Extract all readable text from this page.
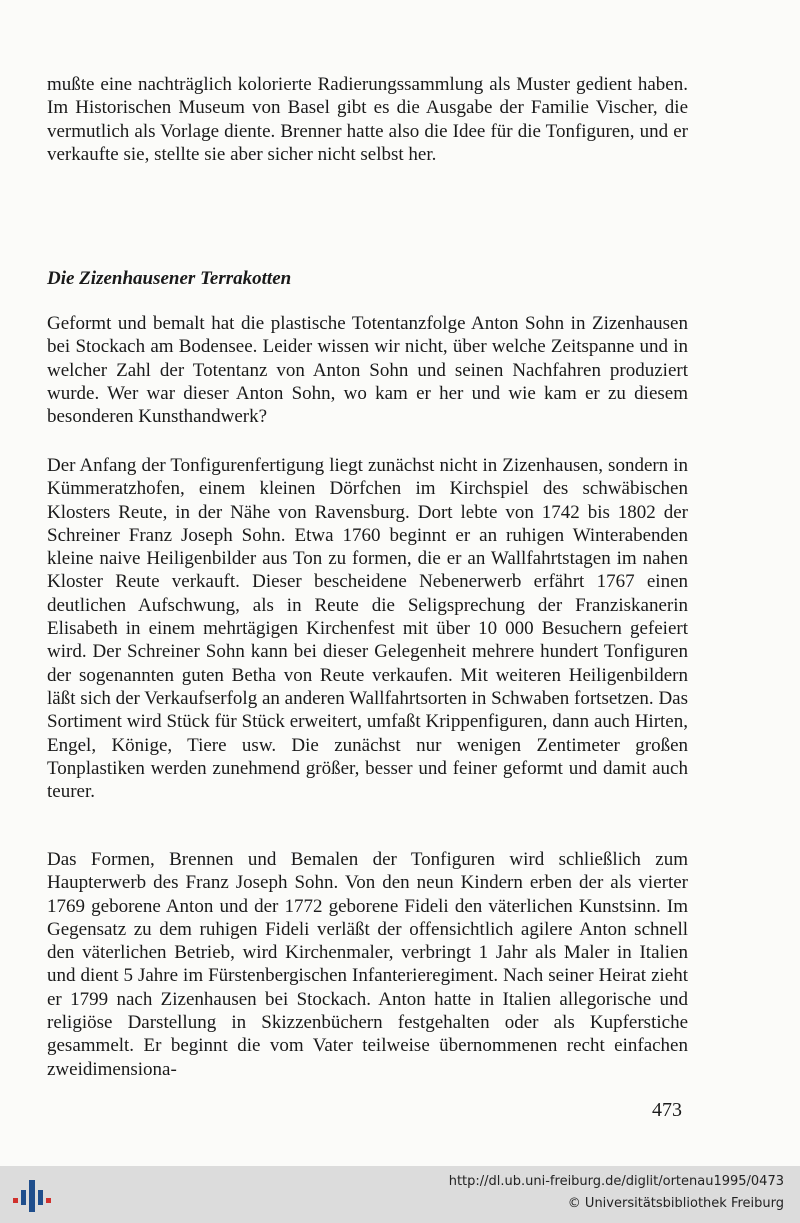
mußte eine nachträglich kolorierte Radierungssammlung als Muster gedient haben. Im Historischen Museum von Basel gibt es die Ausgabe der Familie Vischer, die vermutlich als Vorlage diente. Brenner hatte also die Idee für die Tonfiguren, und er verkaufte sie, stellte sie aber sicher nicht selbst her.

Die Zizenhausener Terrakotten

Geformt und bemalt hat die plastische Totentanzfolge Anton Sohn in Zizenhausen bei Stockach am Bodensee. Leider wissen wir nicht, über welche Zeitspanne und in welcher Zahl der Totentanz von Anton Sohn und seinen Nachfahren produziert wurde. Wer war dieser Anton Sohn, wo kam er her und wie kam er zu diesem besonderen Kunsthandwerk?

Der Anfang der Tonfigurenfertigung liegt zunächst nicht in Zizenhausen, sondern in Kümmeratzhofen, einem kleinen Dörfchen im Kirchspiel des schwäbischen Klosters Reute, in der Nähe von Ravensburg. Dort lebte von 1742 bis 1802 der Schreiner Franz Joseph Sohn. Etwa 1760 beginnt er an ruhigen Winterabenden kleine naive Heiligenbilder aus Ton zu formen, die er an Wallfahrtstagen im nahen Kloster Reute verkauft. Dieser bescheidene Nebenerwerb erfährt 1767 einen deutlichen Aufschwung, als in Reute die Seligsprechung der Franziskanerin Elisabeth in einem mehrtägigen Kirchenfest mit über 10 000 Besuchern gefeiert wird. Der Schreiner Sohn kann bei dieser Gelegenheit mehrere hundert Tonfiguren der sogenannten guten Betha von Reute verkaufen. Mit weiteren Heiligenbildern läßt sich der Verkaufserfolg an anderen Wallfahrtsorten in Schwaben fortsetzen. Das Sortiment wird Stück für Stück erweitert, umfaßt Krippenfiguren, dann auch Hirten, Engel, Könige, Tiere usw. Die zunächst nur wenigen Zentimeter großen Tonplastiken werden zunehmend größer, besser und feiner geformt und damit auch teurer.

Das Formen, Brennen und Bemalen der Tonfiguren wird schließlich zum Haupterwerb des Franz Joseph Sohn. Von den neun Kindern erben der als vierter 1769 geborene Anton und der 1772 geborene Fideli den väterlichen Kunstsinn. Im Gegensatz zu dem ruhigen Fideli verläßt der offensichtlich agilere Anton schnell den väterlichen Betrieb, wird Kirchenmaler, verbringt 1 Jahr als Maler in Italien und dient 5 Jahre im Fürstenbergischen Infanterieregiment. Nach seiner Heirat zieht er 1799 nach Zizenhausen bei Stockach. Anton hatte in Italien allegorische und religiöse Darstellung in Skizzenbüchern festgehalten oder als Kupferstiche gesammelt. Er beginnt die vom Vater teilweise übernommenen recht einfachen zweidimensiona-

473
http://dl.ub.uni-freiburg.de/diglit/ortenau1995/0473
© Universitätsbibliothek Freiburg
